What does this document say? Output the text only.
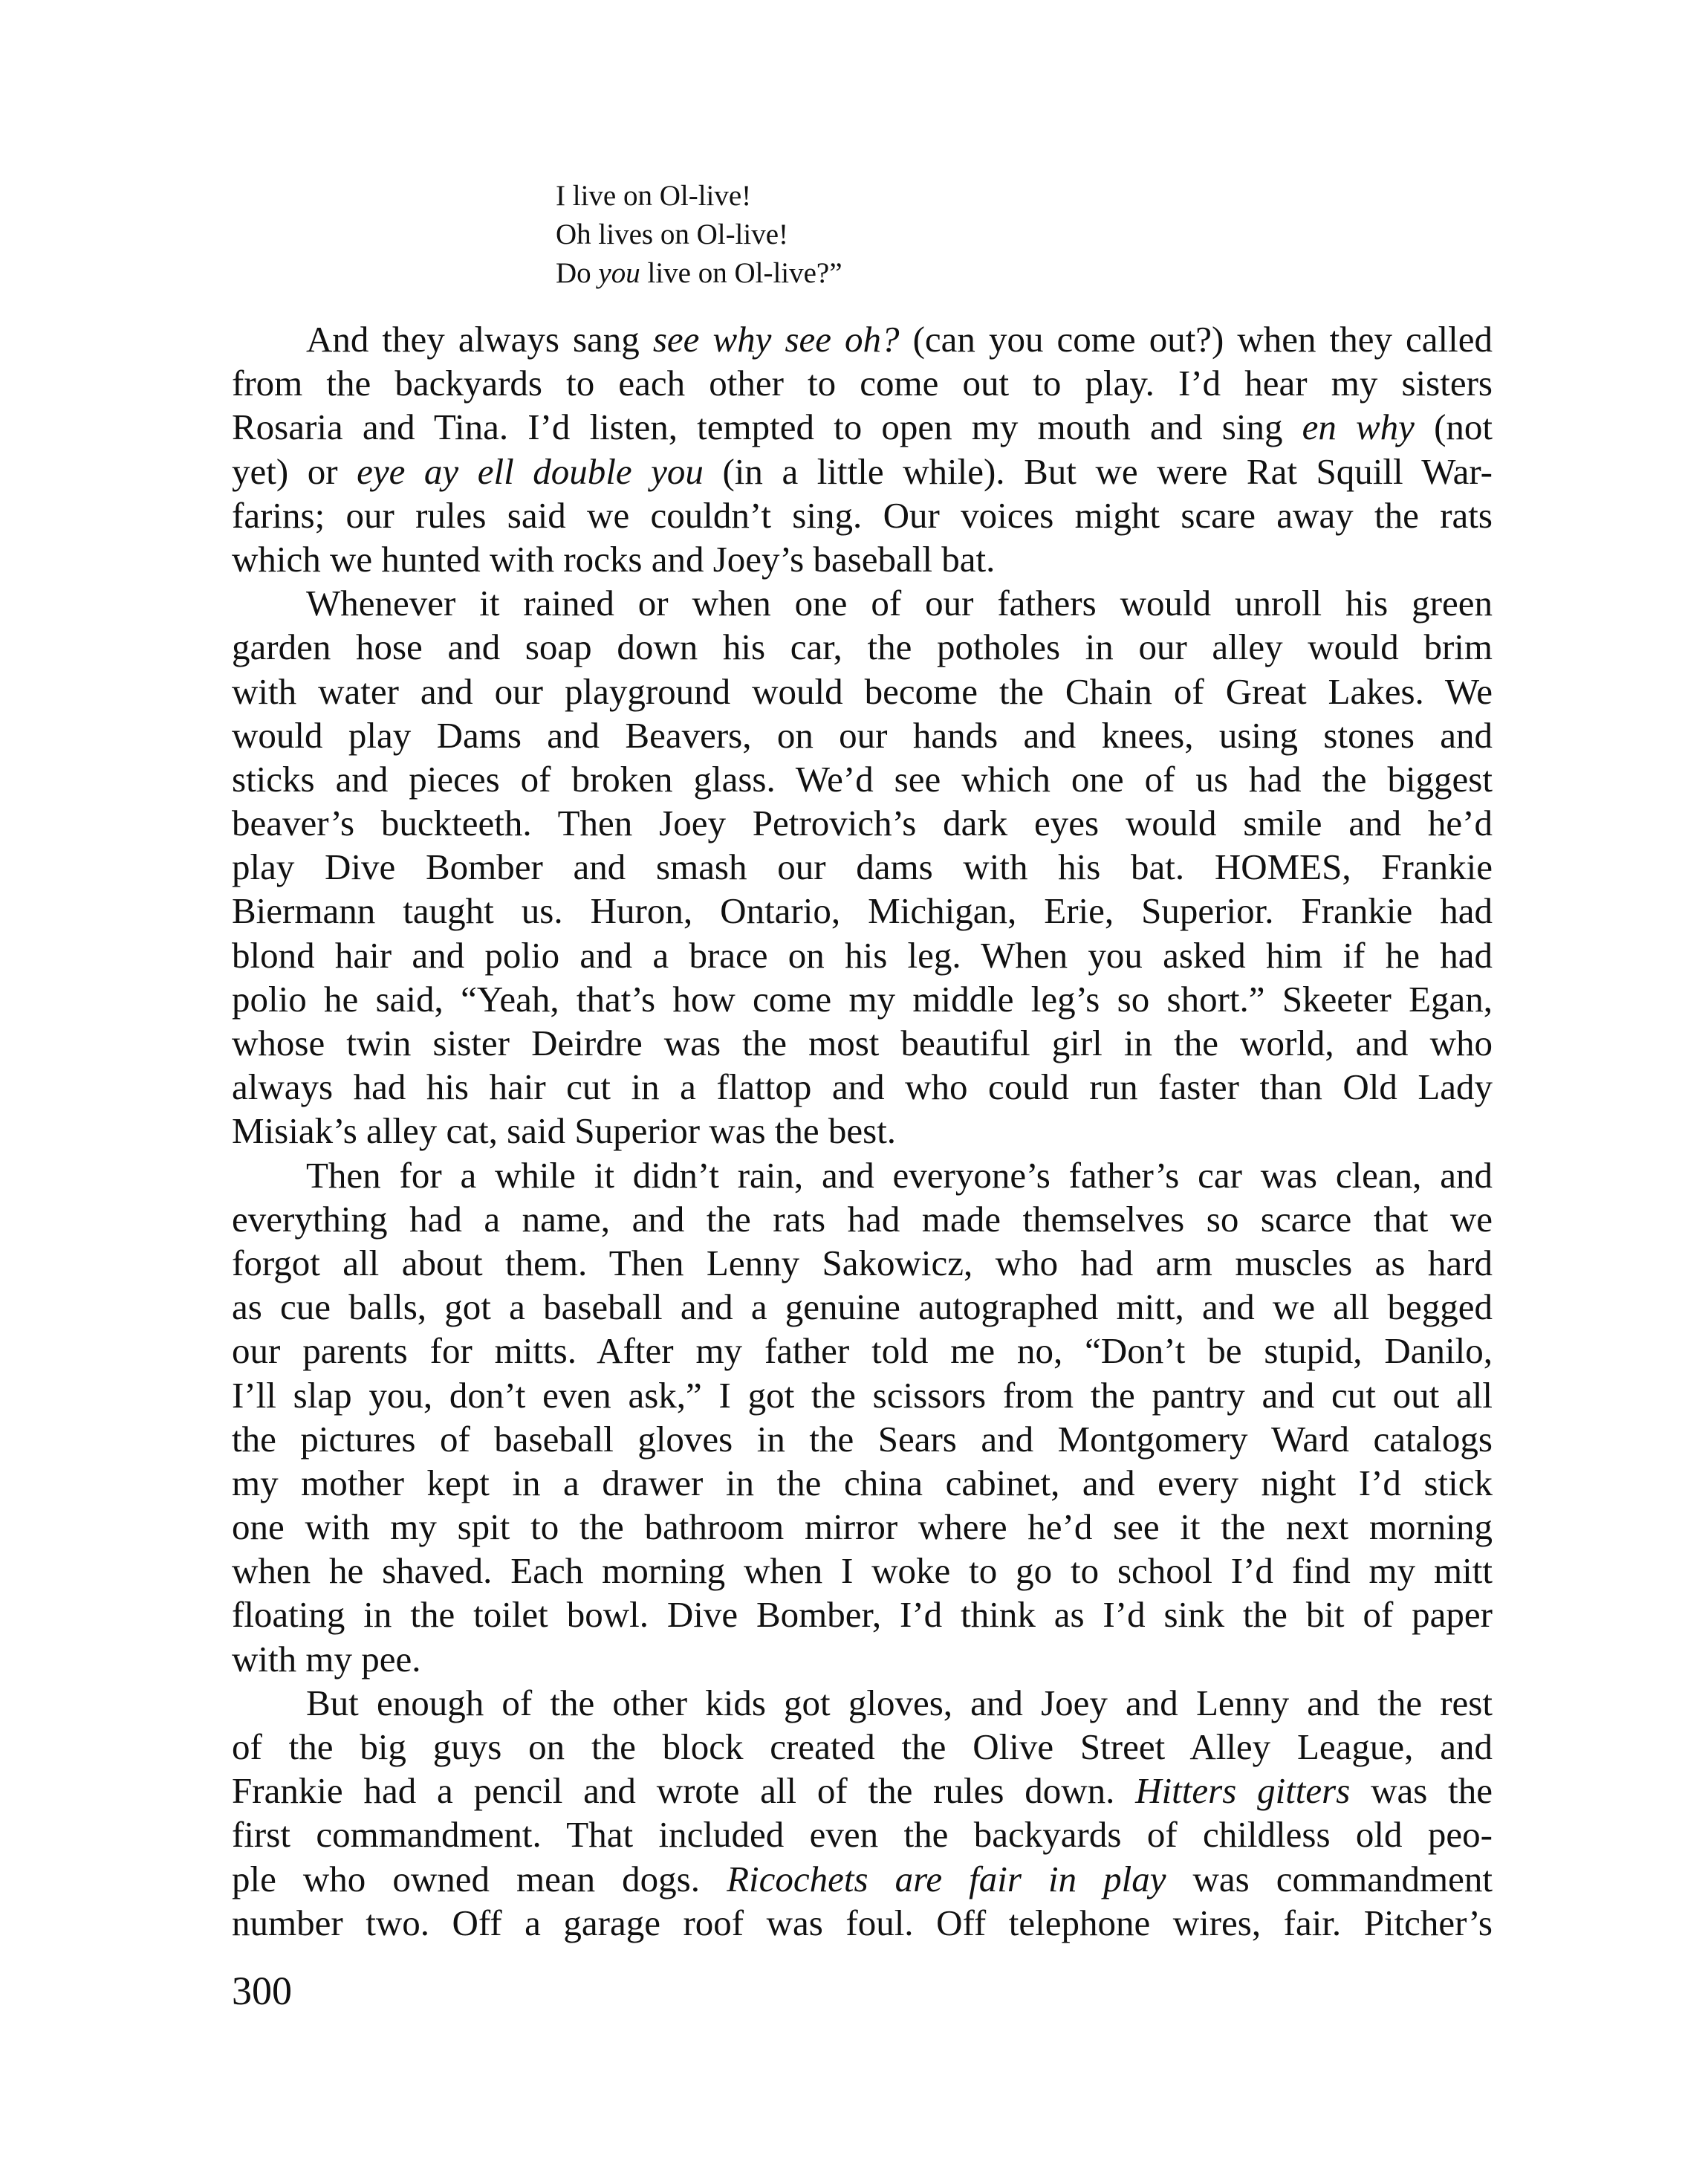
I live on Ol-live!
Oh lives on Ol-live!
Do you live on Ol-live?”
And they always sang see why see oh? (can you come out?) when they called
from the backyards to each other to come out to play. I’d hear my sisters
Rosaria and Tina. I’d listen, tempted to open my mouth and sing en why (not
yet) or eye ay ell double you (in a little while). But we were Rat Squill War-
farins; our rules said we couldn’t sing. Our voices might scare away the rats
which we hunted with rocks and Joey’s baseball bat.
Whenever it rained or when one of our fathers would unroll his green
garden hose and soap down his car, the potholes in our alley would brim
with water and our playground would become the Chain of Great Lakes. We
would play Dams and Beavers, on our hands and knees, using stones and
sticks and pieces of broken glass. We’d see which one of us had the biggest
beaver’s buckteeth. Then Joey Petrovich’s dark eyes would smile and he’d
play Dive Bomber and smash our dams with his bat. HOMES, Frankie
Biermann taught us. Huron, Ontario, Michigan, Erie, Superior. Frankie had
blond hair and polio and a brace on his leg. When you asked him if he had
polio he said, “Yeah, that’s how come my middle leg’s so short.” Skeeter Egan,
whose twin sister Deirdre was the most beautiful girl in the world, and who
always had his hair cut in a flattop and who could run faster than Old Lady
Misiak’s alley cat, said Superior was the best.
Then for a while it didn’t rain, and everyone’s father’s car was clean, and
everything had a name, and the rats had made themselves so scarce that we
forgot all about them. Then Lenny Sakowicz, who had arm muscles as hard
as cue balls, got a baseball and a genuine autographed mitt, and we all begged
our parents for mitts. After my father told me no, “Don’t be stupid, Danilo,
I’ll slap you, don’t even ask,” I got the scissors from the pantry and cut out all
the pictures of baseball gloves in the Sears and Montgomery Ward catalogs
my mother kept in a drawer in the china cabinet, and every night I’d stick
one with my spit to the bathroom mirror where he’d see it the next morning
when he shaved. Each morning when I woke to go to school I’d find my mitt
floating in the toilet bowl. Dive Bomber, I’d think as I’d sink the bit of paper
with my pee.
But enough of the other kids got gloves, and Joey and Lenny and the rest
of the big guys on the block created the Olive Street Alley League, and
Frankie had a pencil and wrote all of the rules down. Hitters gitters was the
first commandment. That included even the backyards of childless old peo-
ple who owned mean dogs. Ricochets are fair in play was commandment
number two. Off a garage roof was foul. Off telephone wires, fair. Pitcher’s
300
